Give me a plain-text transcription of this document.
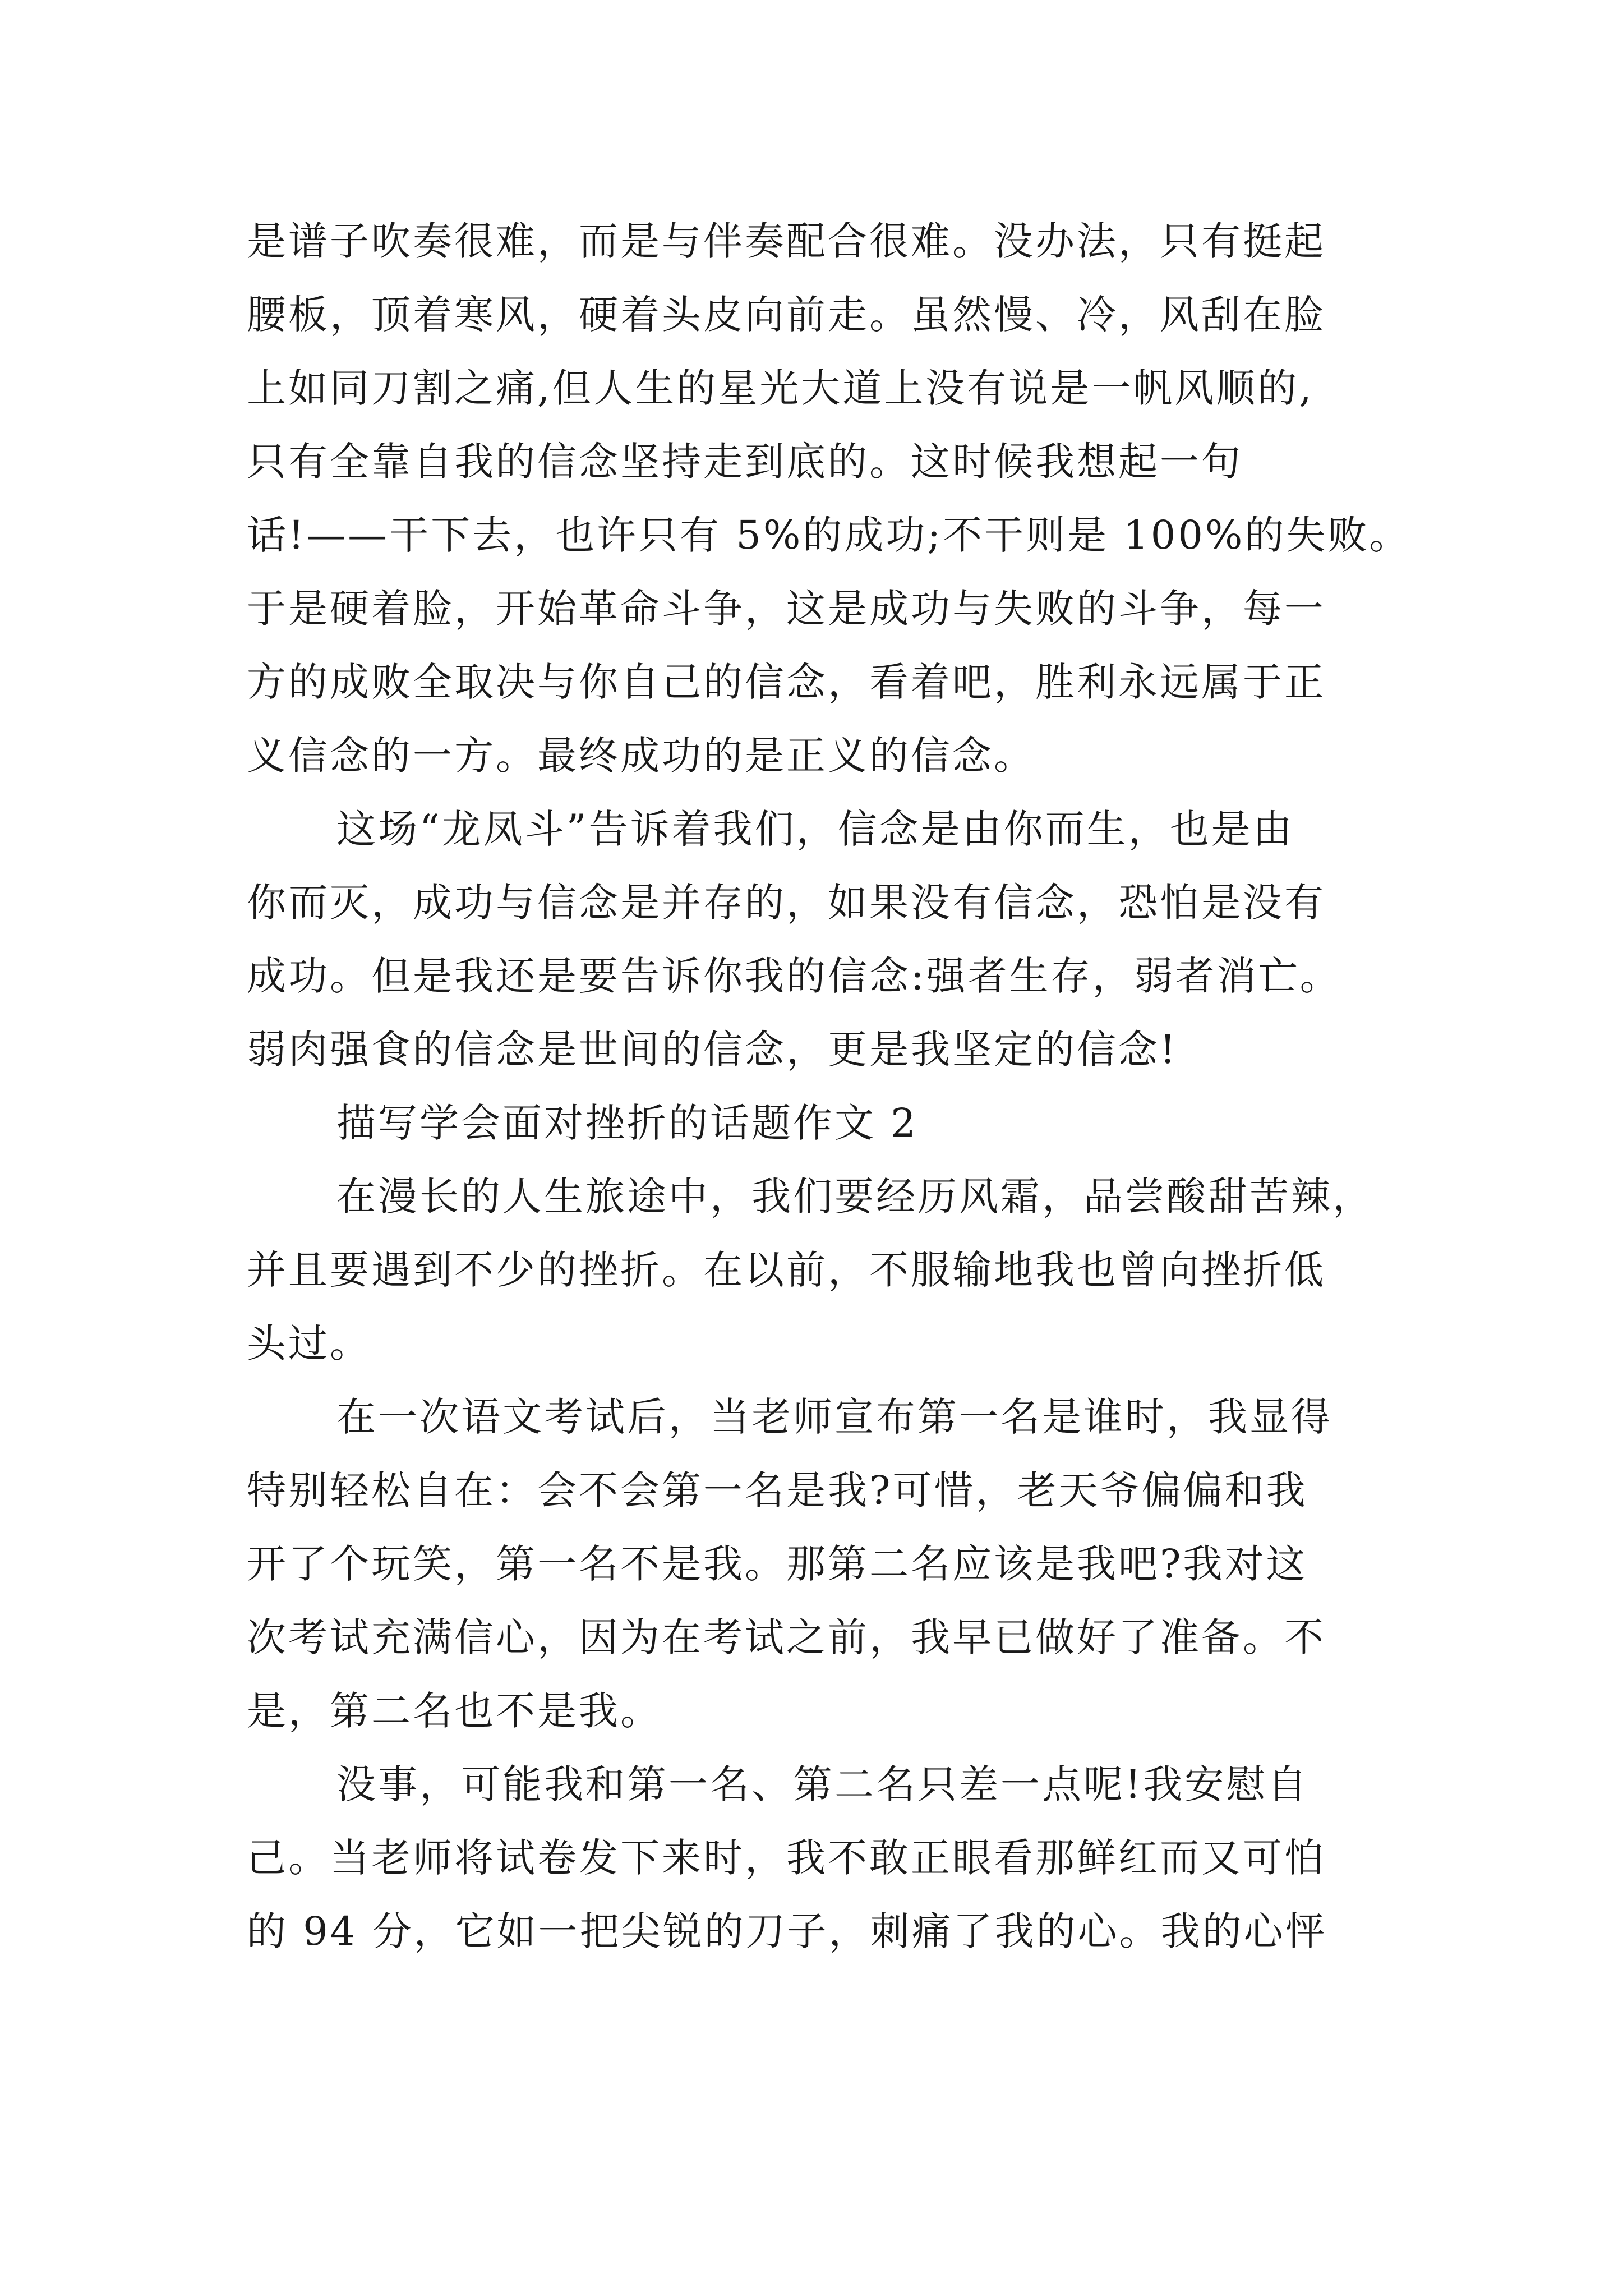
是谱子吹奏很难，而是与伴奏配合很难。没办法，只有挺起
腰板，顶着寒风，硬着头皮向前走。虽然慢、冷，风刮在脸
上如同刀割之痛,但人生的星光大道上没有说是一帆风顺的,
只有全靠自我的信念坚持走到底的。这时候我想起一句
话!——干下去，也许只有 5%的成功;不干则是 100%的失败。
于是硬着脸，开始革命斗争，这是成功与失败的斗争，每一
方的成败全取决与你自己的信念，看着吧，胜利永远属于正
义信念的一方。最终成功的是正义的信念。
这场“龙凤斗”告诉着我们，信念是由你而生，也是由
你而灭，成功与信念是并存的，如果没有信念，恐怕是没有
成功。但是我还是要告诉你我的信念:强者生存，弱者消亡。
弱肉强食的信念是世间的信念，更是我坚定的信念!
描写学会面对挫折的话题作文 2
在漫长的人生旅途中，我们要经历风霜，品尝酸甜苦辣，
并且要遇到不少的挫折。在以前，不服输地我也曾向挫折低
头过。
在一次语文考试后，当老师宣布第一名是谁时，我显得
特别轻松自在：会不会第一名是我?可惜，老天爷偏偏和我
开了个玩笑，第一名不是我。那第二名应该是我吧?我对这
次考试充满信心，因为在考试之前，我早已做好了准备。不
是，第二名也不是我。
没事，可能我和第一名、第二名只差一点呢!我安慰自
己。当老师将试卷发下来时，我不敢正眼看那鲜红而又可怕
的 94 分，它如一把尖锐的刀子，刺痛了我的心。我的心怦
